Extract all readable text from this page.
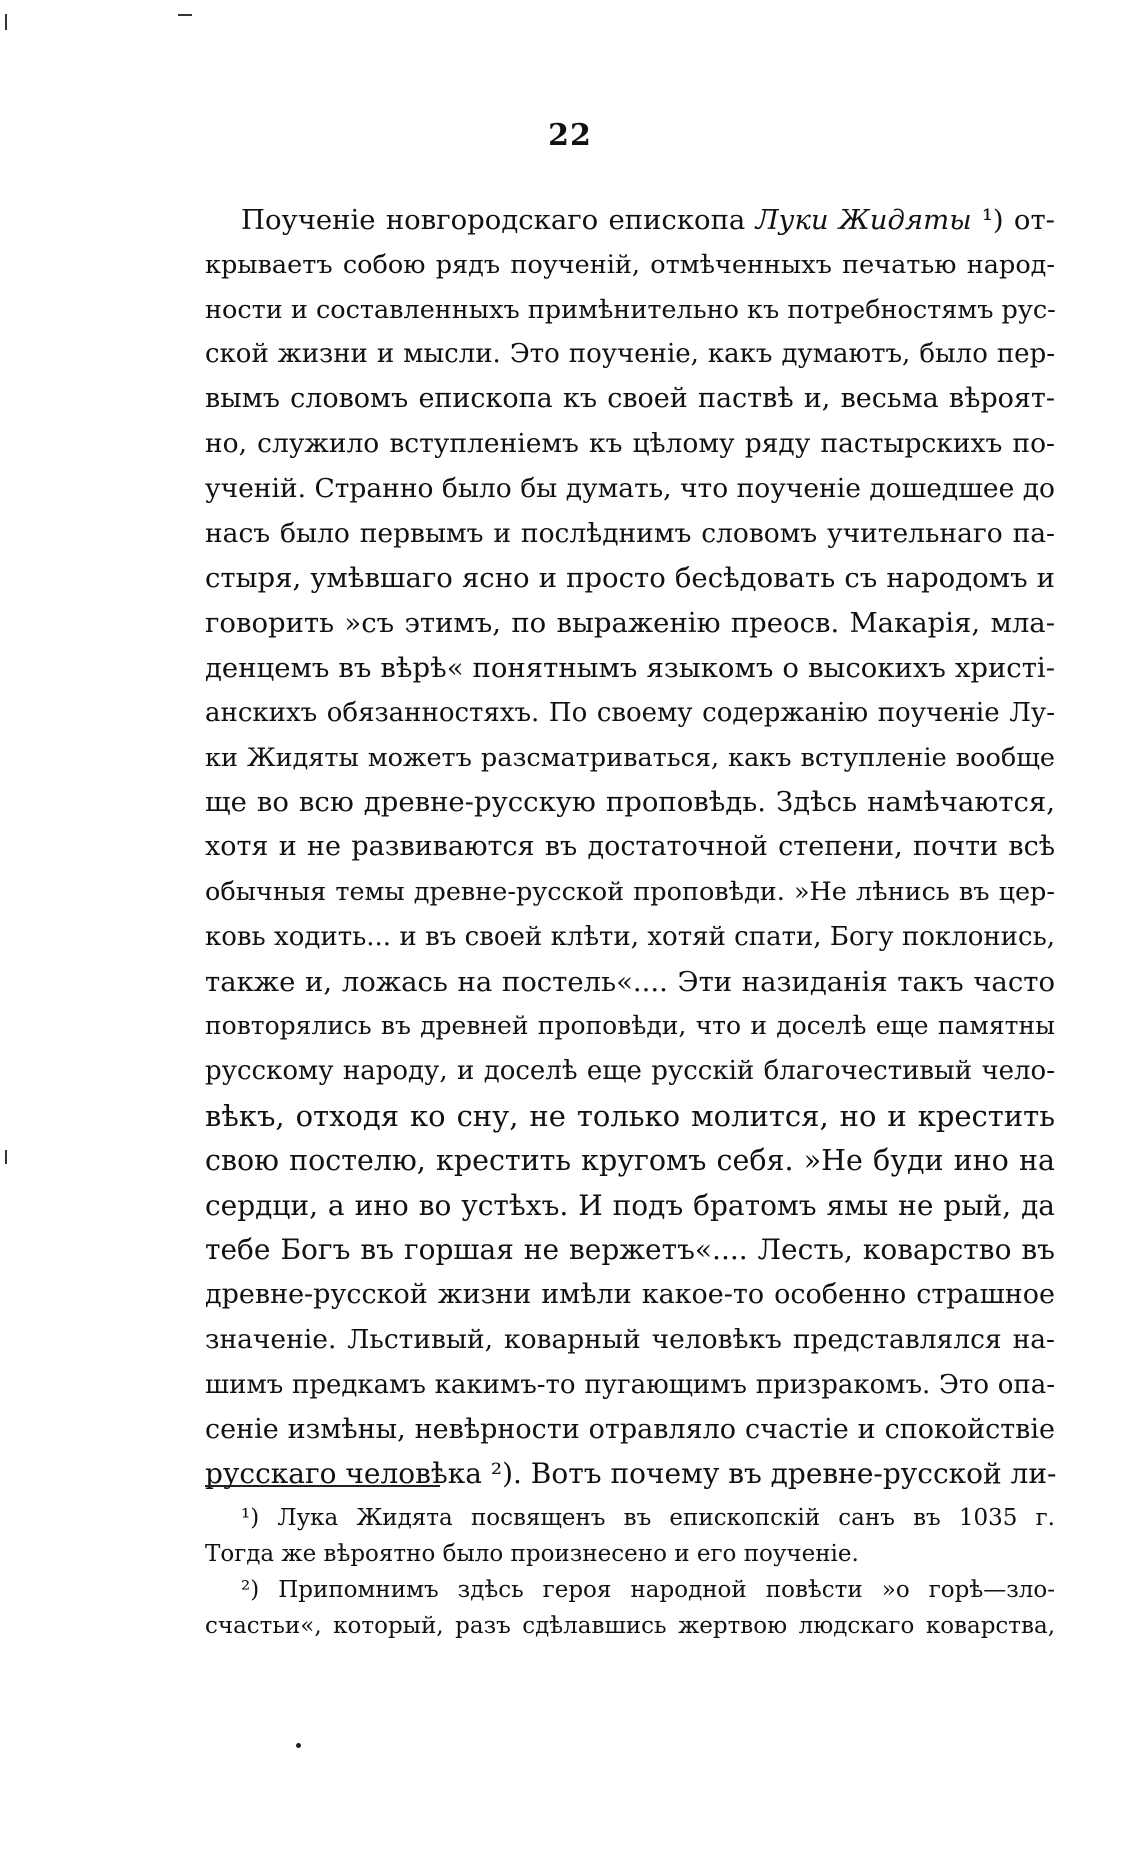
22
Поученіе новгородскаго епископа Луки Жидяты ¹) от-
крываетъ собою рядъ поученій, отмѣченныхъ печатью народ-
ности и составленныхъ примѣнительно къ потребностямъ рус-
ской жизни и мысли. Это поученіе, какъ думаютъ, было пер-
вымъ словомъ епископа къ своей паствѣ и, весьма вѣроят-
но, служило вступленіемъ къ цѣлому ряду пастырскихъ по-
ученій. Странно было бы думать, что поученіе дошедшее до
насъ было первымъ и послѣднимъ словомъ учительнаго па-
стыря, умѣвшаго ясно и просто бесѣдовать съ народомъ и
говорить »съ этимъ, по выраженію преосв. Макарія, мла-
денцемъ въ вѣрѣ« понятнымъ языкомъ о высокихъ христі-
анскихъ обязанностяхъ. По своему содержанію поученіе Лу-
ки Жидяты можетъ разсматриваться, какъ вступленіе вообще
ще во всю древне-русскую проповѣдь. Здѣсь намѣчаются,
хотя и не развиваются въ достаточной степени, почти всѣ
обычныя темы древне-русской проповѣди. »Не лѣнись въ цер-
ковь ходить... и въ своей клѣти, хотяй спати, Богу поклонись,
также и, ложась на постель«.... Эти назиданія такъ часто
повторялись въ древней проповѣди, что и доселѣ еще памятны
русскому народу, и доселѣ еще русскій благочестивый чело-
вѣкъ, отходя ко сну, не только молится, но и крестить
свою постелю, крестить кругомъ себя. »Не буди ино на
сердци, а ино во устѣхъ. И подъ братомъ ямы не рый, да
тебе Богъ въ горшая не вержетъ«.... Лесть, коварство въ
древне-русской жизни имѣли какое-то особенно страшное
значеніе. Льстивый, коварный человѣкъ представлялся на-
шимъ предкамъ какимъ-то пугающимъ призракомъ. Это опа-
сеніе измѣны, невѣрности отравляло счастіе и спокойствіе
русскаго человѣка ²). Вотъ почему въ древне-русской ли-
¹) Лука Жидята посвященъ въ епископскій санъ въ 1035 г.
Тогда же вѣроятно было произнесено и его поученіе.
²) Припомнимъ здѣсь героя народной повѣсти »о горѣ—зло-
счастьи«, который, разъ сдѣлавшись жертвою людскаго коварства,
